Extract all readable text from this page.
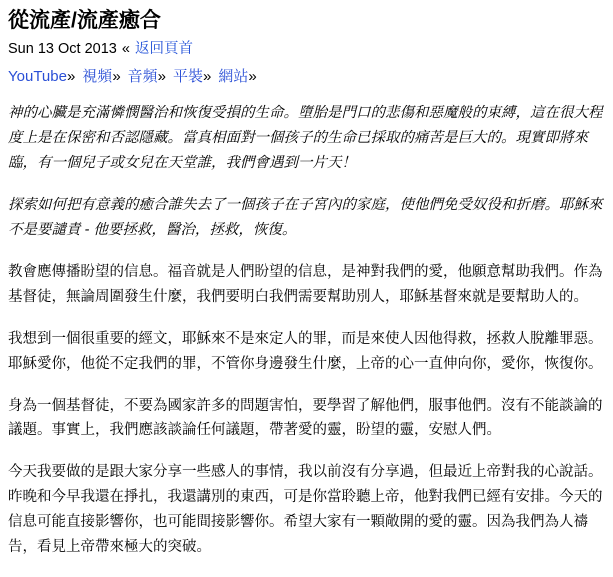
從流產/流產癒合
Sun 13 Oct 2013 « 返回頁首
YouTube» 視頻» 音頻» 平裝» 網站»
神的心臟是充滿憐憫醫治和恢復受損的生命。墮胎是門口的悲傷和惡魔般的束縛，這在很大程度上是在保密和否認隱藏。當真相面對一個孩子的生命已採取的痛苦是巨大的。現實即將來臨，有一個兒子或女兒在天堂誰，我們會遇到一片天！
探索如何把有意義的癒合誰失去了一個孩子在子宮內的家庭，使他們免受奴役和折磨。耶穌來不是要譴責 - 他要拯救，醫治，拯救，恢復。
教會應傳播盼望的信息。福音就是人們盼望的信息，是神對我們的愛，他願意幫助我們。作為基督徒，無論周圍發生什麼，我們要明白我們需要幫助別人，耶穌基督來就是要幫助人的。
我想到一個很重要的經文，耶穌來不是來定人的罪，而是來使人因他得救，拯救人脫離罪惡。耶穌愛你，他從不定我們的罪，不管你身邊發生什麼，上帝的心一直伸向你，愛你，恢復你。
身為一個基督徒，不要為國家許多的問題害怕，要學習了解他們，服事他們。沒有不能談論的議題。事實上，我們應該談論任何議題，帶著愛的靈，盼望的靈，安慰人們。
今天我要做的是跟大家分享一些感人的事情，我以前沒有分享過，但最近上帝對我的心說話。昨晚和今早我還在掙扎，我還講別的東西，可是你當聆聽上帝，他對我們已經有安排。今天的信息可能直接影響你，也可能間接影響你。希望大家有一顆敞開的愛的靈。因為我們為人禱告，看見上帝帶來極大的突破。
